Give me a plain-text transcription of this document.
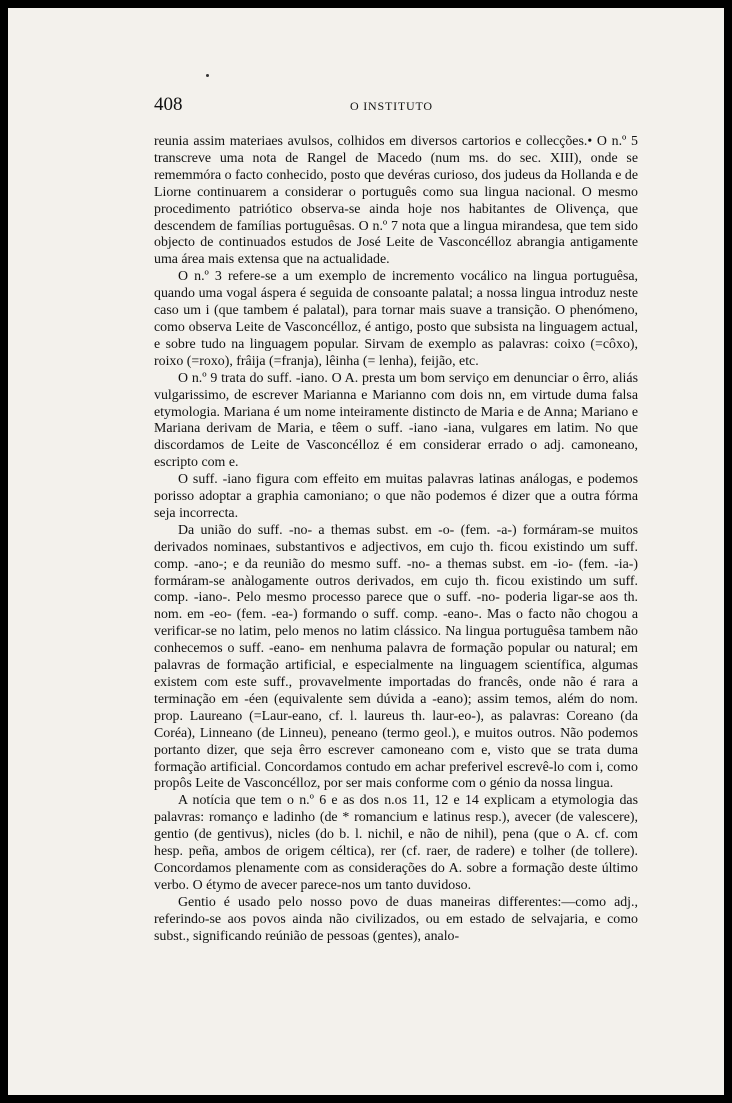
408	O INSTITUTO

reunia assim materiaes avulsos, colhidos em diversos cartorios e collecções.• O n.º 5 transcreve uma nota de Rangel de Macedo (num ms. do sec. XIII), onde se rememmóra o facto conhecido, posto que devéras curioso, dos judeus da Hollanda e de Liorne continuarem a considerar o português como sua lingua nacional. O mesmo procedimento patriótico observa-se ainda hoje nos habitantes de Olivença, que descendem de famílias portuguêsas. O n.º 7 nota que a lingua mirandesa, que tem sido objecto de continuados estudos de José Leite de Vasconcélloz abrangia antigamente uma área mais extensa que na actualidade.

O n.º 3 refere-se a um exemplo de incremento vocálico na lingua portuguêsa, quando uma vogal áspera é seguida de consoante palatal; a nossa lingua introduz neste caso um i (que tambem é palatal), para tornar mais suave a transição. O phenómeno, como observa Leite de Vasconcélloz, é antigo, posto que subsista na linguagem actual, e sobre tudo na linguagem popular. Sirvam de exemplo as palavras: coixo (=côxo), roixo (=roxo), frâija (=franja), lêinha (= lenha), feijão, etc.

O n.º 9 trata do suff. -iano. O A. presta um bom serviço em denunciar o êrro, aliás vulgarissimo, de escrever Marianna e Marianno com dois nn, em virtude duma falsa etymologia. Mariana é um nome inteiramente distincto de Maria e de Anna; Mariano e Mariana derivam de Maria, e têem o suff. -iano -iana, vulgares em latim. No que discordamos de Leite de Vasconcélloz é em considerar errado o adj. camoneano, escripto com e.

O suff. -iano figura com effeito em muitas palavras latinas análogas, e podemos porisso adoptar a graphia camoniano; o que não podemos é dizer que a outra fórma seja incorrecta.

Da união do suff. -no- a themas subst. em -o- (fem. -a-) formáram-se muitos derivados nominaes, substantivos e adjectivos, em cujo th. ficou existindo um suff. comp. -ano-; e da reunião do mesmo suff. -no- a themas subst. em -io- (fem. -ia-) formáram-se anàlogamente outros derivados, em cujo th. ficou existindo um suff. comp. -iano-. Pelo mesmo processo parece que o suff. -no- poderia ligar-se aos th. nom. em -eo- (fem. -ea-) formando o suff. comp. -eano-. Mas o facto não chogou a verificar-se no latim, pelo menos no latim clássico. Na lingua portuguêsa tambem não conhecemos o suff. -eano- em nenhuma palavra de formação popular ou natural; em palavras de formação artificial, e especialmente na linguagem scientífica, algumas existem com este suff., provavelmente importadas do francês, onde não é rara a terminação em -éen (equivalente sem dúvida a -eano); assim temos, além do nom. prop. Laureano (=Laur-eano, cf. l. laureus th. laur-eo-), as palavras: Coreano (da Coréa), Linneano (de Linneu), peneano (termo geol.), e muitos outros. Não podemos portanto dizer, que seja êrro escrever camoneano com e, visto que se trata duma formação artificial. Concordamos contudo em achar preferivel escrevê-lo com i, como propôs Leite de Vasconcélloz, por ser mais conforme com o génio da nossa lingua.

A notícia que tem o n.º 6 e as dos n.os 11, 12 e 14 explicam a etymologia das palavras: romanço e ladinho (de * romancium e latinus resp.), avecer (de valescere), gentio (de gentivus), nicles (do b. l. nichil, e não de nihil), pena (que o A. cf. com hesp. peña, ambos de origem céltica), rer (cf. raer, de radere) e tolher (de tollere). Concordamos plenamente com as considerações do A. sobre a formação deste último verbo. O étymo de avecer parece-nos um tanto duvidoso.

Gentio é usado pelo nosso povo de duas maneiras differentes:—como adj., referindo-se aos povos ainda não civilizados, ou em estado de selvajaria, e como subst., significando reúnião de pessoas (gentes), analo-
